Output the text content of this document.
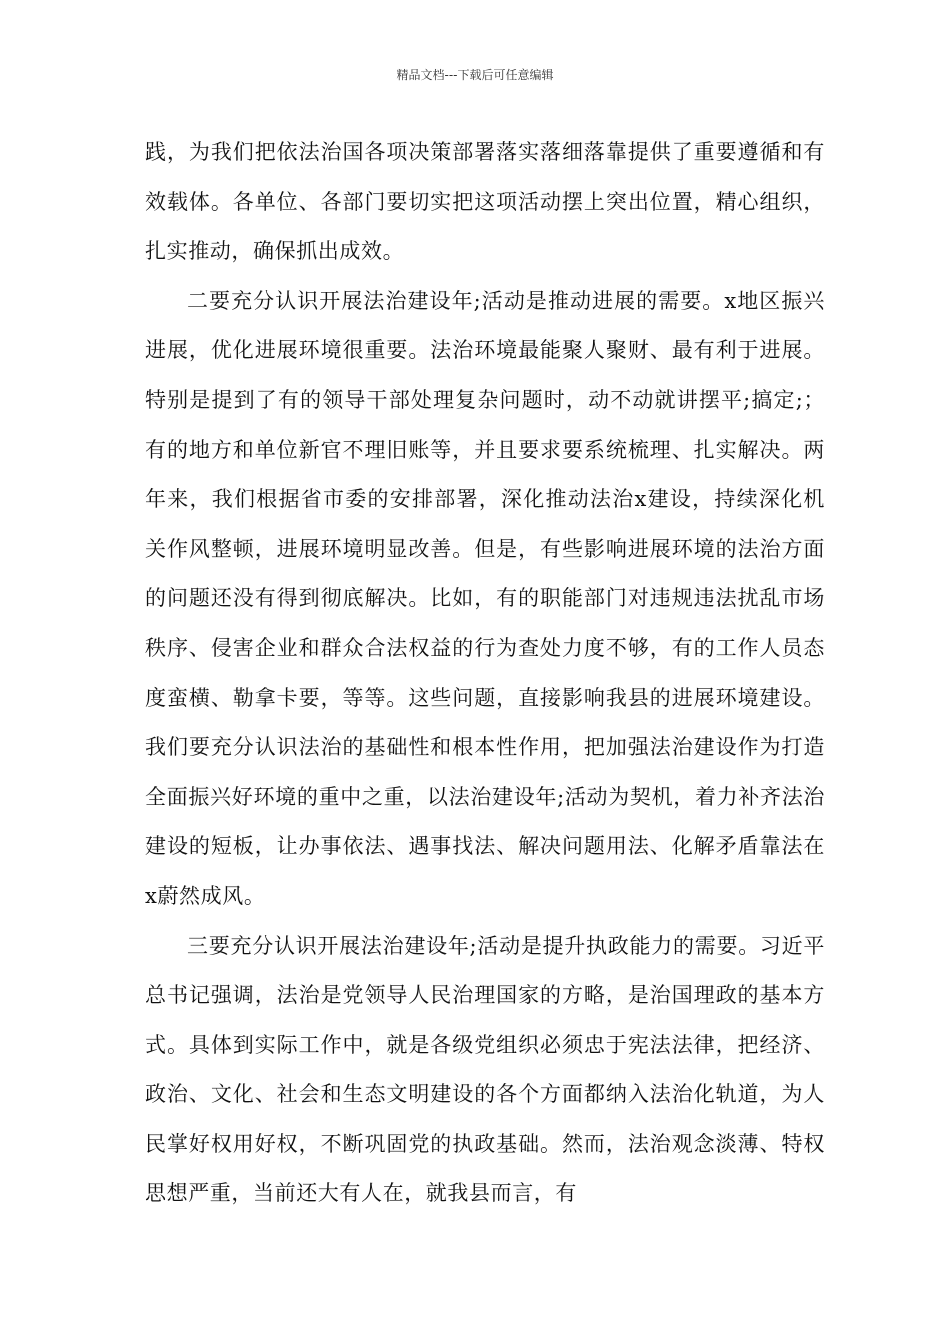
精品文档---下载后可任意编辑

践，为我们把依法治国各项决策部署落实落细落靠提供了重要遵循和有效载体。各单位、各部门要切实把这项活动摆上突出位置，精心组织，扎实推动，确保抓出成效。

二要充分认识开展法治建设年;活动是推动进展的需要。x地区振兴进展，优化进展环境很重要。法治环境最能聚人聚财、最有利于进展。特别是提到了有的领导干部处理复杂问题时，动不动就讲摆平;搞定;；有的地方和单位新官不理旧账等，并且要求要系统梳理、扎实解决。两年来，我们根据省市委的安排部署，深化推动法治x建设，持续深化机关作风整顿，进展环境明显改善。但是，有些影响进展环境的法治方面的问题还没有得到彻底解决。比如，有的职能部门对违规违法扰乱市场秩序、侵害企业和群众合法权益的行为查处力度不够，有的工作人员态度蛮横、勒拿卡要，等等。这些问题，直接影响我县的进展环境建设。我们要充分认识法治的基础性和根本性作用，把加强法治建设作为打造全面振兴好环境的重中之重，以法治建设年;活动为契机，着力补齐法治建设的短板，让办事依法、遇事找法、解决问题用法、化解矛盾靠法在x蔚然成风。

三要充分认识开展法治建设年;活动是提升执政能力的需要。习近平总书记强调，法治是党领导人民治理国家的方略，是治国理政的基本方式。具体到实际工作中，就是各级党组织必须忠于宪法法律，把经济、政治、文化、社会和生态文明建设的各个方面都纳入法治化轨道，为人民掌好权用好权，不断巩固党的执政基础。然而，法治观念淡薄、特权思想严重，当前还大有人在，就我县而言，有
